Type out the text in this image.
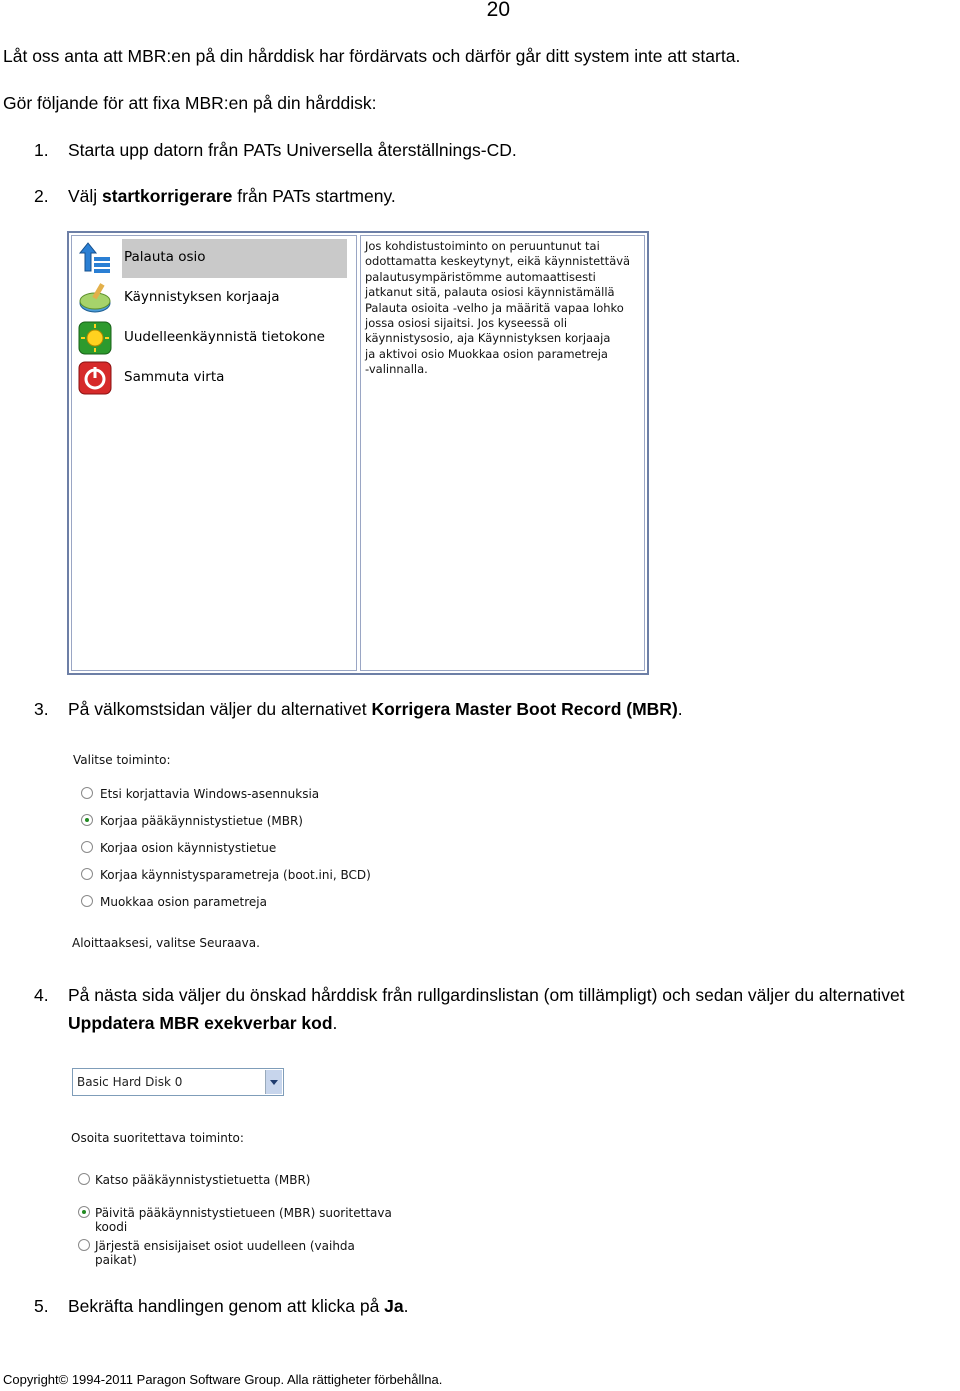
20
Låt oss anta att MBR:en på din hårddisk har fördärvats och därför går ditt system inte att starta.
Gör följande för att fixa MBR:en på din hårddisk:
1. Starta upp datorn från PATs Universella återställnings-CD.
2. Välj startkorrigerare från PATs startmeny.
Palauta osio
Käynnistyksen korjaaja
Uudelleenkäynnistä tietokone
Sammuta virta
Jos kohdistustoiminto on peruuntunut tai
odottamatta keskeytynyt, eikä käynnistettävä
palautusympäristömme automaattisesti
jatkanut sitä, palauta osiosi käynnistämällä
Palauta osioita -velho ja määritä vapaa lohko
jossa osiosi sijaitsi. Jos kyseessä oli
käynnistysosio, aja Käynnistyksen korjaaja
ja aktivoi osio Muokkaa osion parametreja
-valinnalla.
3. På välkomstsidan väljer du alternativet Korrigera Master Boot Record (MBR).
Valitse toiminto:
Etsi korjattavia Windows-asennuksia
Korjaa pääkäynnistystietue (MBR)
Korjaa osion käynnistystietue
Korjaa käynnistysparametreja (boot.ini, BCD)
Muokkaa osion parametreja
Aloittaaksesi, valitse Seuraava.
4. På nästa sida väljer du önskad hårddisk från rullgardinslistan (om tillämpligt) och sedan väljer du alternativet
Uppdatera MBR exekverbar kod.
Basic Hard Disk 0
Osoita suoritettava toiminto:
Katso pääkäynnistystietuetta (MBR)
Päivitä pääkäynnistystietueen (MBR) suoritettava koodi
Järjestä ensisijaiset osiot uudelleen (vaihda paikat)
5. Bekräfta handlingen genom att klicka på Ja.
Copyright© 1994-2011 Paragon Software Group. Alla rättigheter förbehållna.
